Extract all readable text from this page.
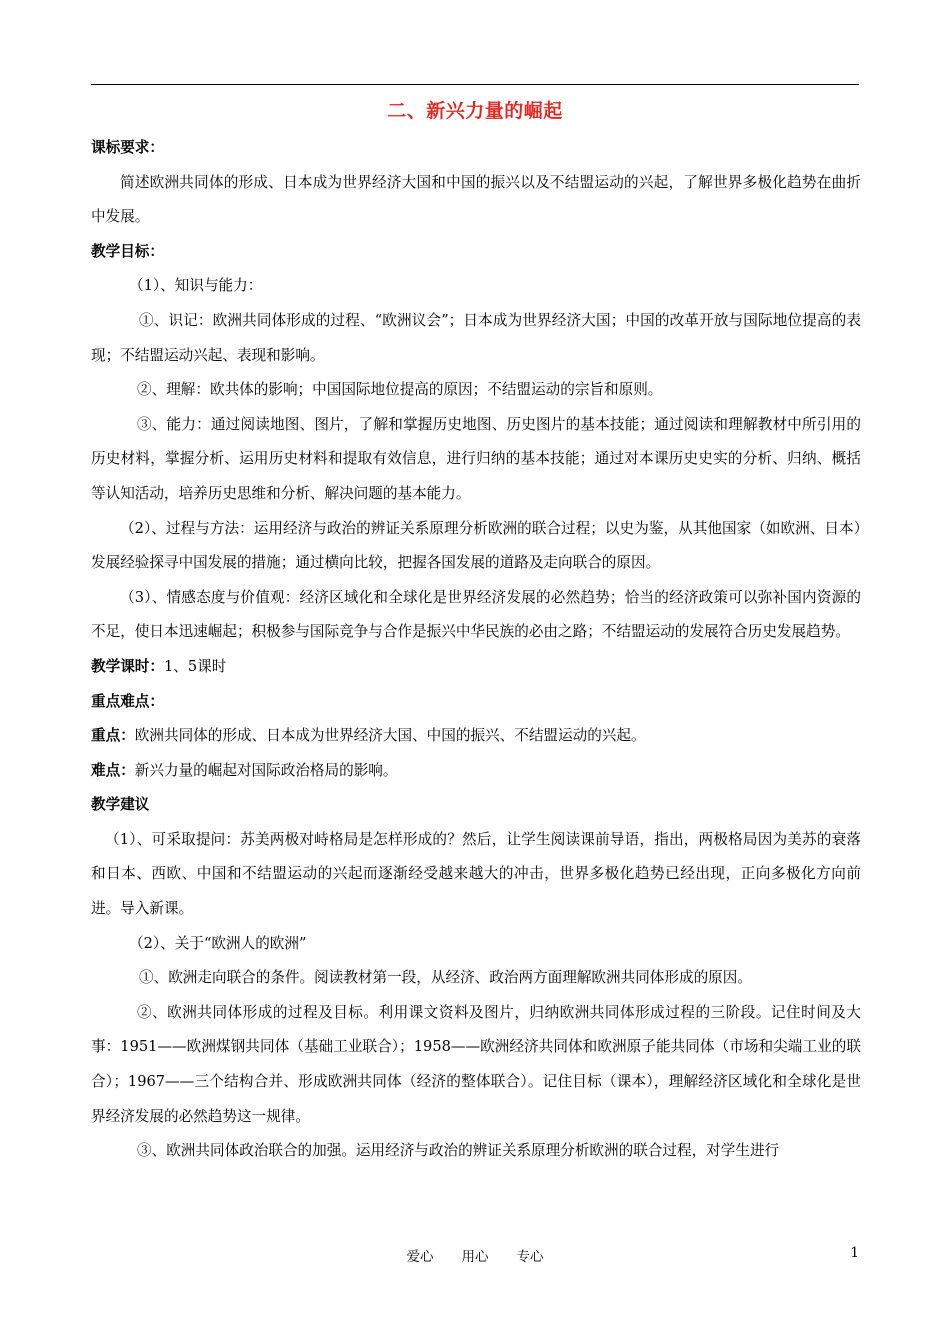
二、新兴力量的崛起

课标要求：

简述欧洲共同体的形成、日本成为世界经济大国和中国的振兴以及不结盟运动的兴起，了解世界多极化趋势在曲折中发展。

教学目标：

（1）、知识与能力：

①、识记：欧洲共同体形成的过程、“欧洲议会”；日本成为世界经济大国；中国的改革开放与国际地位提高的表现；不结盟运动兴起、表现和影响。

②、理解：欧共体的影响；中国国际地位提高的原因；不结盟运动的宗旨和原则。

③、能力：通过阅读地图、图片，了解和掌握历史地图、历史图片的基本技能；通过阅读和理解教材中所引用的历史材料，掌握分析、运用历史材料和提取有效信息，进行归纳的基本技能；通过对本课历史史实的分析、归纳、概括等认知活动，培养历史思维和分析、解决问题的基本能力。

（2）、过程与方法：运用经济与政治的辨证关系原理分析欧洲的联合过程；以史为鉴，从其他国家（如欧洲、日本）发展经验探寻中国发展的措施；通过横向比较，把握各国发展的道路及走向联合的原因。

（3）、情感态度与价值观：经济区域化和全球化是世界经济发展的必然趋势；恰当的经济政策可以弥补国内资源的不足，使日本迅速崛起；积极参与国际竞争与合作是振兴中华民族的必由之路；不结盟运动的发展符合历史发展趋势。

教学课时：1、5课时

重点难点：

重点：欧洲共同体的形成、日本成为世界经济大国、中国的振兴、不结盟运动的兴起。

难点：新兴力量的崛起对国际政治格局的影响。

教学建议

（1）、可采取提问：苏美两极对峙格局是怎样形成的？然后，让学生阅读课前导语，指出，两极格局因为美苏的衰落和日本、西欧、中国和不结盟运动的兴起而逐渐经受越来越大的冲击，世界多极化趋势已经出现，正向多极化方向前进。导入新课。

（2）、关于“欧洲人的欧洲”

①、欧洲走向联合的条件。阅读教材第一段，从经济、政治两方面理解欧洲共同体形成的原因。

②、欧洲共同体形成的过程及目标。利用课文资料及图片，归纳欧洲共同体形成过程的三阶段。记住时间及大事：1951——欧洲煤钢共同体（基础工业联合）；1958——欧洲经济共同体和欧洲原子能共同体（市场和尖端工业的联合）；1967——三个结构合并、形成欧洲共同体（经济的整体联合）。记住目标（课本），理解经济区域化和全球化是世界经济发展的必然趋势这一规律。

③、欧洲共同体政治联合的加强。运用经济与政治的辨证关系原理分析欧洲的联合过程，对学生进行

爱心 用心 专心	1
